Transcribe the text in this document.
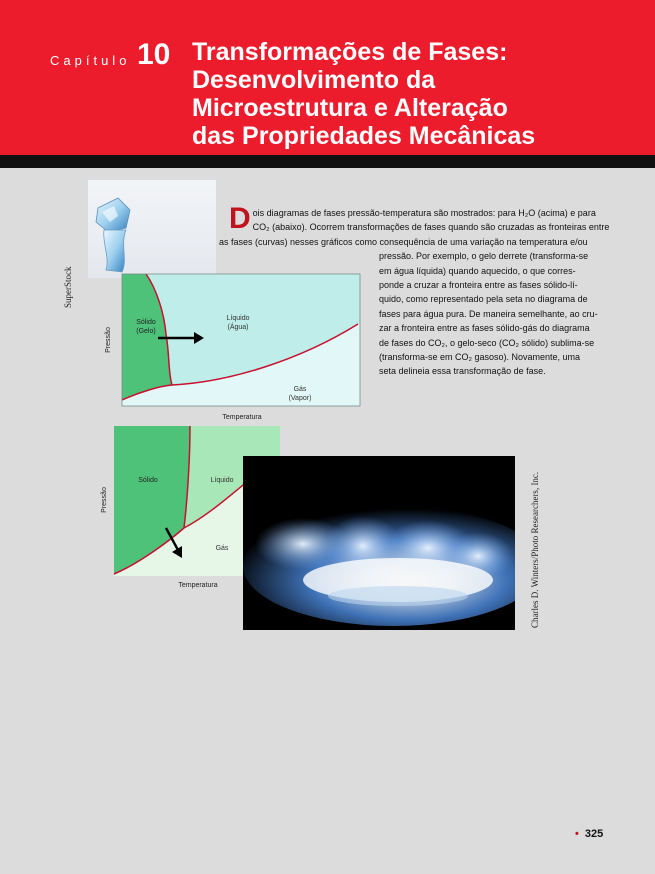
Capítulo 10 Transformações de Fases:
Desenvolvimento da
Microestrutura e Alteração
das Propriedades Mecânicas
SuperStock
Sólido
(Gelo)
Líquido
(Água)
Gás
(Vapor)
Pressão
Temperatura
D ois diagramas de fases pressão-temperatura são mostrados: para H₂O (acima) e para
CO₂ (abaixo). Ocorrem transformações de fases quando são cruzadas as fronteiras entre
as fases (curvas) nesses gráficos como consequência de uma variação na temperatura e/ou
pressão. Por exemplo, o gelo derrete (transforma-se
em água líquida) quando aquecido, o que corres-
ponde a cruzar a fronteira entre as fases sólido-lí-
quido, como representado pela seta no diagrama de
fases para água pura. De maneira semelhante, ao cru-
zar a fronteira entre as fases sólido-gás do diagrama
de fases do CO₂, o gelo-seco (CO₂ sólido) sublima-se
(transforma-se em CO₂ gasoso). Novamente, uma
seta delineia essa transformação de fase.
Sólido	Líquido
Gás
Pressão
Temperatura	Charles D. Winters/Photo Researchers, Inc.
• 325
